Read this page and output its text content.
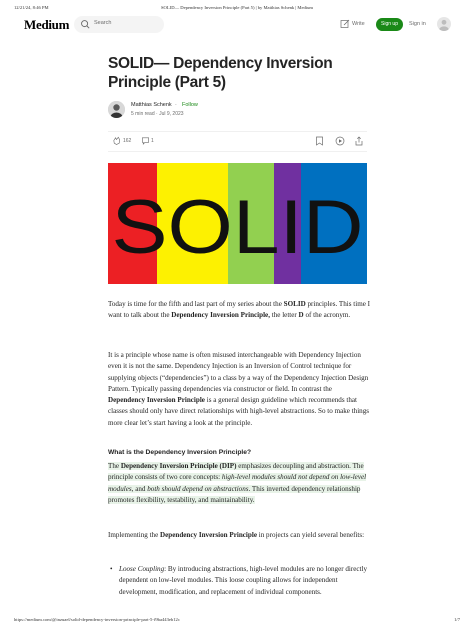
12/21/24, 8:46 PM	SOLID— Dependency Inversion Principle (Part 5) | by Matthias Schenk | Medium
Medium	Search	Write	Sign up	Sign in
SOLID— Dependency Inversion Principle (Part 5)
Matthias Schenk · Follow
5 min read · Jul 9, 2023
162	1
SOLID

Today is time for the fifth and last part of my series about the SOLID principles. This time I want to talk about the Dependency Inversion Principle, the letter D of the acronym.

It is a principle whose name is often misused interchangeable with Dependency Injection even it is not the same. Dependency Injection is an Inversion of Control technique for supplying objects (“dependencies”) to a class by a way of the Dependency Injection Design Pattern. Typically passing dependencies via constructor or field. In contrast the Dependency Inversion Principle is a general design guideline which recommends that classes should only have direct relationships with high-level abstractions. So to make things more clear let’s start having a look at the principle.

What is the Dependency Inversion Principle?

The Dependency Inversion Principle (DIP) emphasizes decoupling and abstraction. The principle consists of two core concepts: high-level modules should not depend on low-level modules, and both should depend on abstractions. This inverted dependency relationship promotes flexibility, testability, and maintainability.

Implementing the Dependency Inversion Principle in projects can yield several benefits:

• Loose Coupling: By introducing abstractions, high-level modules are no longer directly dependent on low-level modules. This loose coupling allows for independent development, modification, and replacement of individual components.

https://medium.com/@inzuael/solid-dependency-inversion-principle-part-5-f9ba443eb12c	1/7
